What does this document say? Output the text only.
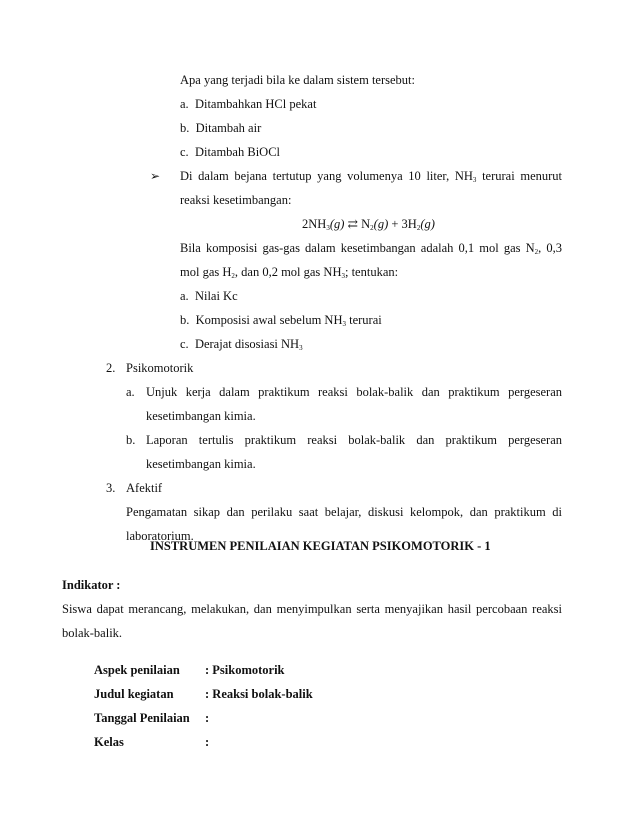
Apa yang terjadi bila ke dalam sistem tersebut:
a. Ditambahkan HCl pekat
b. Ditambah air
c. Ditambah BiOCl
➢ Di dalam bejana tertutup yang volumenya 10 liter, $NH_3$ terurai menurut
reaksi kesetimbangan:
$2NH_3(g)$ ⇄ $N_2(g) + 3H_2(g)$
Bila komposisi gas-gas dalam kesetimbangan adalah 0,1 mol gas $N_2$, 0,3
mol gas $H_2$, dan 0,2 mol gas $NH_3$; tentukan:
a. Nilai Kc
b. Komposisi awal sebelum $NH_3$ terurai
c. Derajat disosiasi $NH_3$
2. Psikomotorik
a. Unjuk kerja dalam praktikum reaksi bolak-balik dan praktikum pergeseran
kesetimbangan kimia.
b. Laporan tertulis praktikum reaksi bolak-balik dan praktikum pergeseran
kesetimbangan kimia.
3. Afektif
Pengamatan sikap dan perilaku saat belajar, diskusi kelompok, dan praktikum di
laboratorium.
INSTRUMEN PENILAIAN KEGIATAN PSIKOMOTORIK - 1
Indikator :
Siswa dapat merancang, melakukan, dan menyimpulkan serta menyajikan hasil percobaan reaksi
bolak-balik.
Aspek penilaian : Psikomotorik
Judul kegiatan	: Reaksi bolak-balik
Tanggal Penilaian :
Kelas	:
